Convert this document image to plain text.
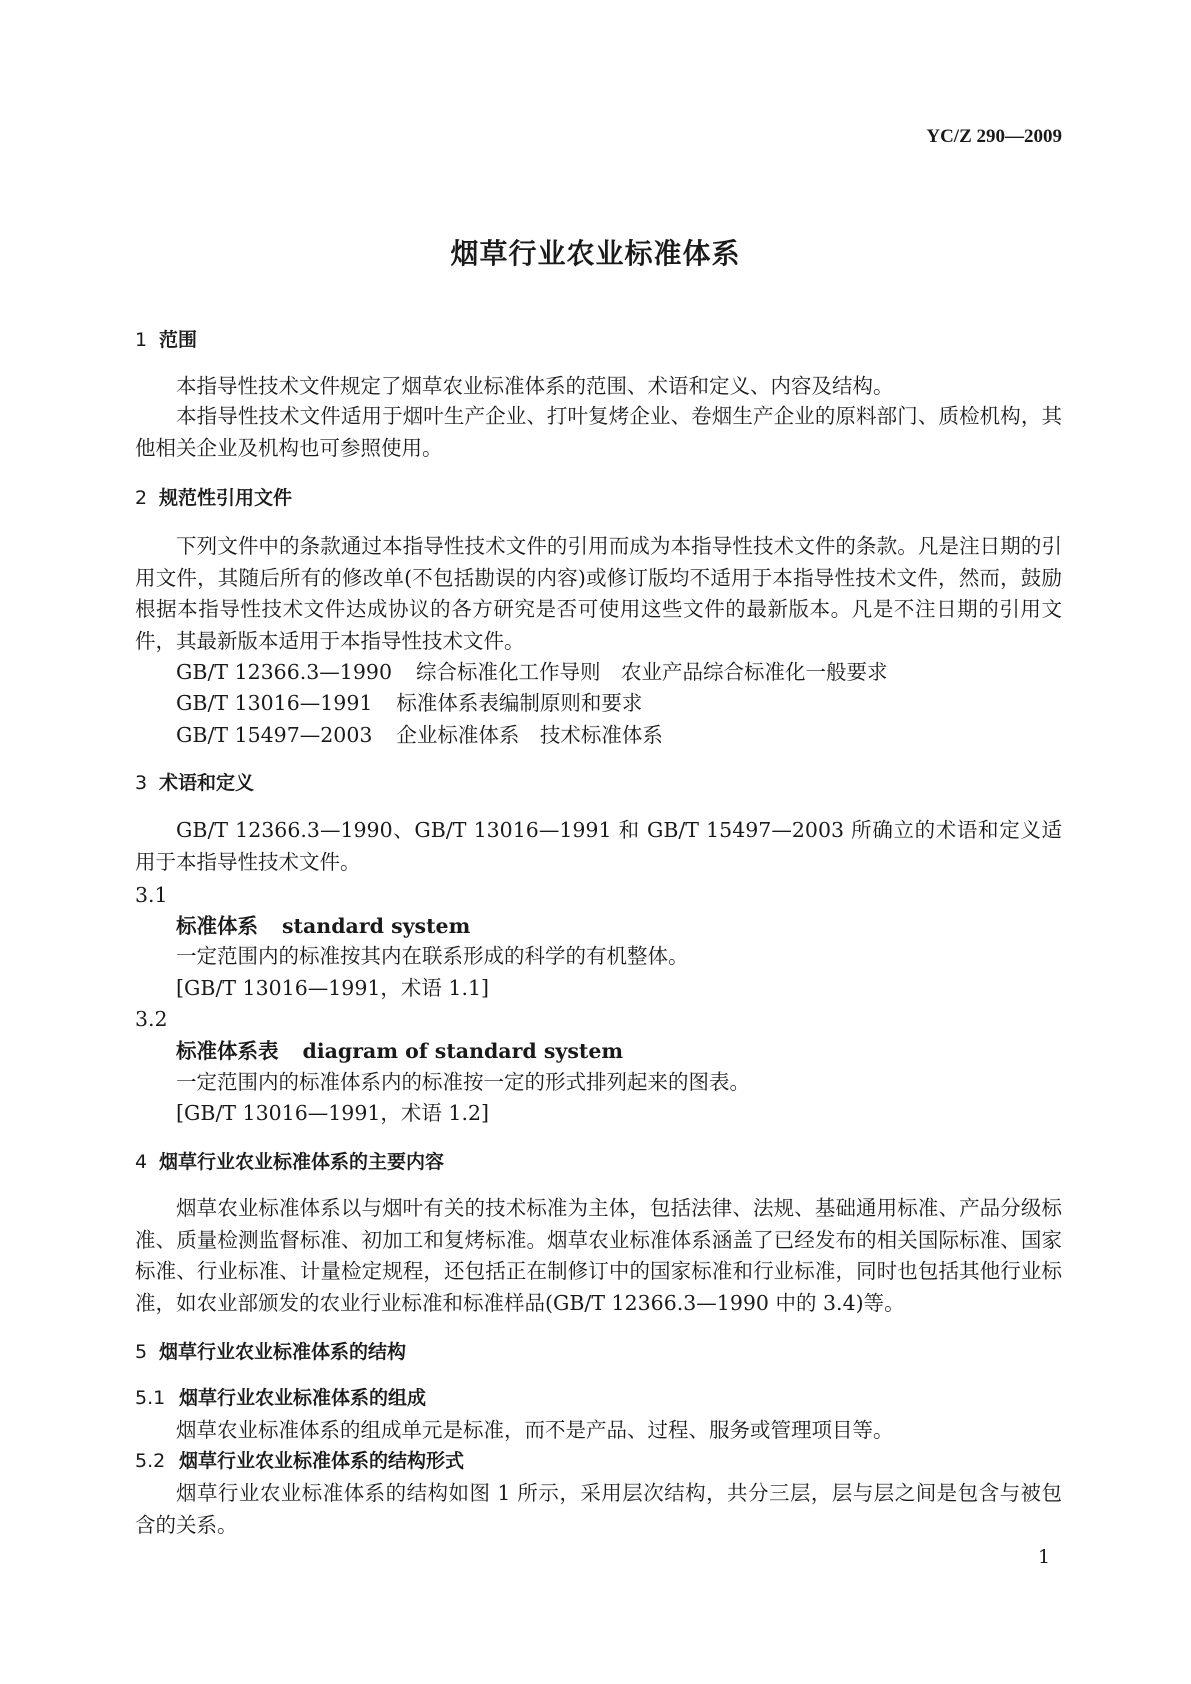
YC/Z 290—2009
烟草行业农业标准体系
1 范围
本指导性技术文件规定了烟草农业标准体系的范围、术语和定义、内容及结构。
本指导性技术文件适用于烟叶生产企业、打叶复烤企业、卷烟生产企业的原料部门、质检机构，其他相关企业及机构也可参照使用。
2 规范性引用文件
下列文件中的条款通过本指导性技术文件的引用而成为本指导性技术文件的条款。凡是注日期的引用文件，其随后所有的修改单(不包括勘误的内容)或修订版均不适用于本指导性技术文件，然而，鼓励根据本指导性技术文件达成协议的各方研究是否可使用这些文件的最新版本。凡是不注日期的引用文件，其最新版本适用于本指导性技术文件。
GB/T 12366.3—1990 综合标准化工作导则　农业产品综合标准化一般要求
GB/T 13016—1991 标准体系表编制原则和要求
GB/T 15497—2003 企业标准体系　技术标准体系
3 术语和定义
GB/T 12366.3—1990、GB/T 13016—1991 和 GB/T 15497—2003 所确立的术语和定义适用于本指导性技术文件。
3.1
标准体系 standard system
一定范围内的标准按其内在联系形成的科学的有机整体。
[GB/T 13016—1991，术语 1.1]
3.2
标准体系表 diagram of standard system
一定范围内的标准体系内的标准按一定的形式排列起来的图表。
[GB/T 13016—1991，术语 1.2]
4 烟草行业农业标准体系的主要内容
烟草农业标准体系以与烟叶有关的技术标准为主体，包括法律、法规、基础通用标准、产品分级标准、质量检测监督标准、初加工和复烤标准。烟草农业标准体系涵盖了已经发布的相关国际标准、国家标准、行业标准、计量检定规程，还包括正在制修订中的国家标准和行业标准，同时也包括其他行业标准，如农业部颁发的农业行业标准和标准样品(GB/T 12366.3—1990 中的 3.4)等。
5 烟草行业农业标准体系的结构
5.1 烟草行业农业标准体系的组成
烟草农业标准体系的组成单元是标准，而不是产品、过程、服务或管理项目等。
5.2 烟草行业农业标准体系的结构形式
烟草行业农业标准体系的结构如图 1 所示，采用层次结构，共分三层，层与层之间是包含与被包含的关系。
1
